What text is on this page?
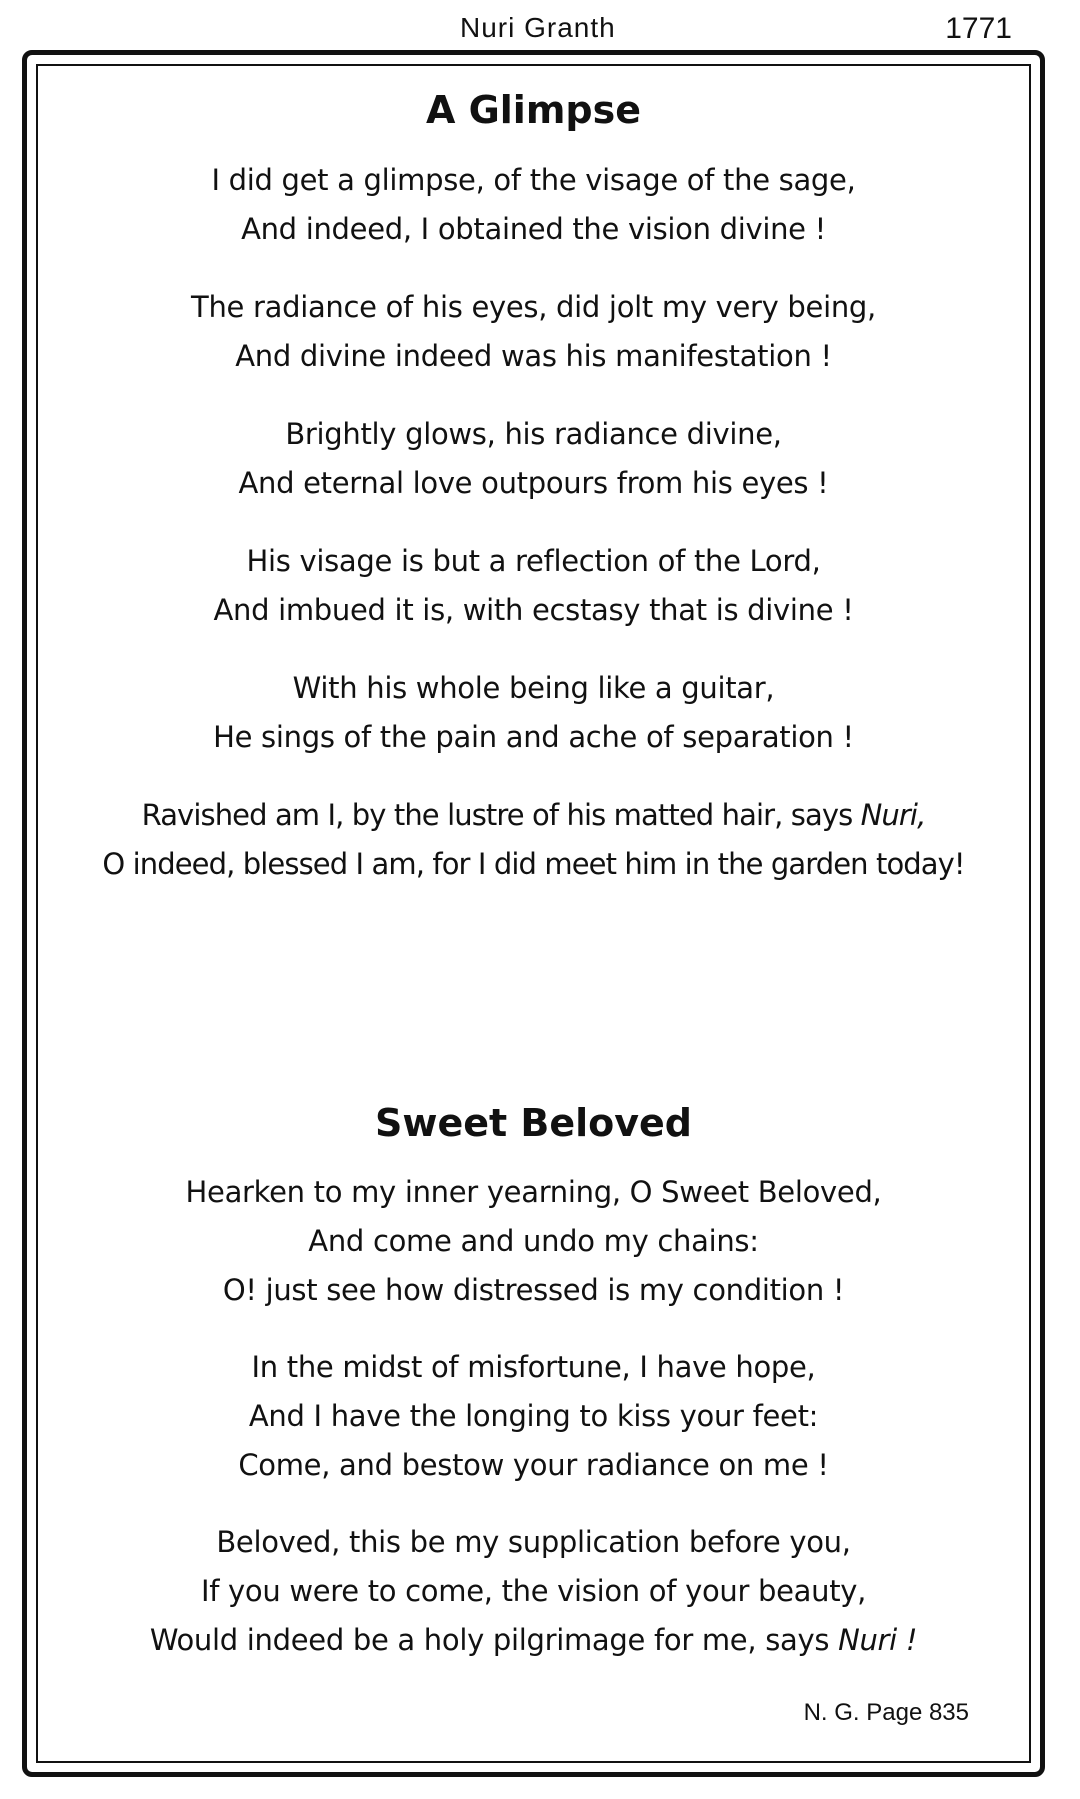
Nuri Granth	1771
A Glimpse
I did get a glimpse, of the visage of the sage,
And indeed, I obtained the vision divine !
The radiance of his eyes, did jolt my very being,
And divine indeed was his manifestation !
Brightly glows, his radiance divine,
And eternal love outpours from his eyes !
His visage is but a reflection of the Lord,
And imbued it is, with ecstasy that is divine !
With his whole being like a guitar,
He sings of the pain and ache of separation !
Ravished am I, by the lustre of his matted hair, says Nuri,
O indeed, blessed I am, for I did meet him in the garden today!
Sweet Beloved
Hearken to my inner yearning, O Sweet Beloved,
And come and undo my chains:
O! just see how distressed is my condition !
In the midst of misfortune, I have hope,
And I have the longing to kiss your feet:
Come, and bestow your radiance on me !
Beloved, this be my supplication before you,
If you were to come, the vision of your beauty,
Would indeed be a holy pilgrimage for me, says Nuri !
N. G. Page 835
